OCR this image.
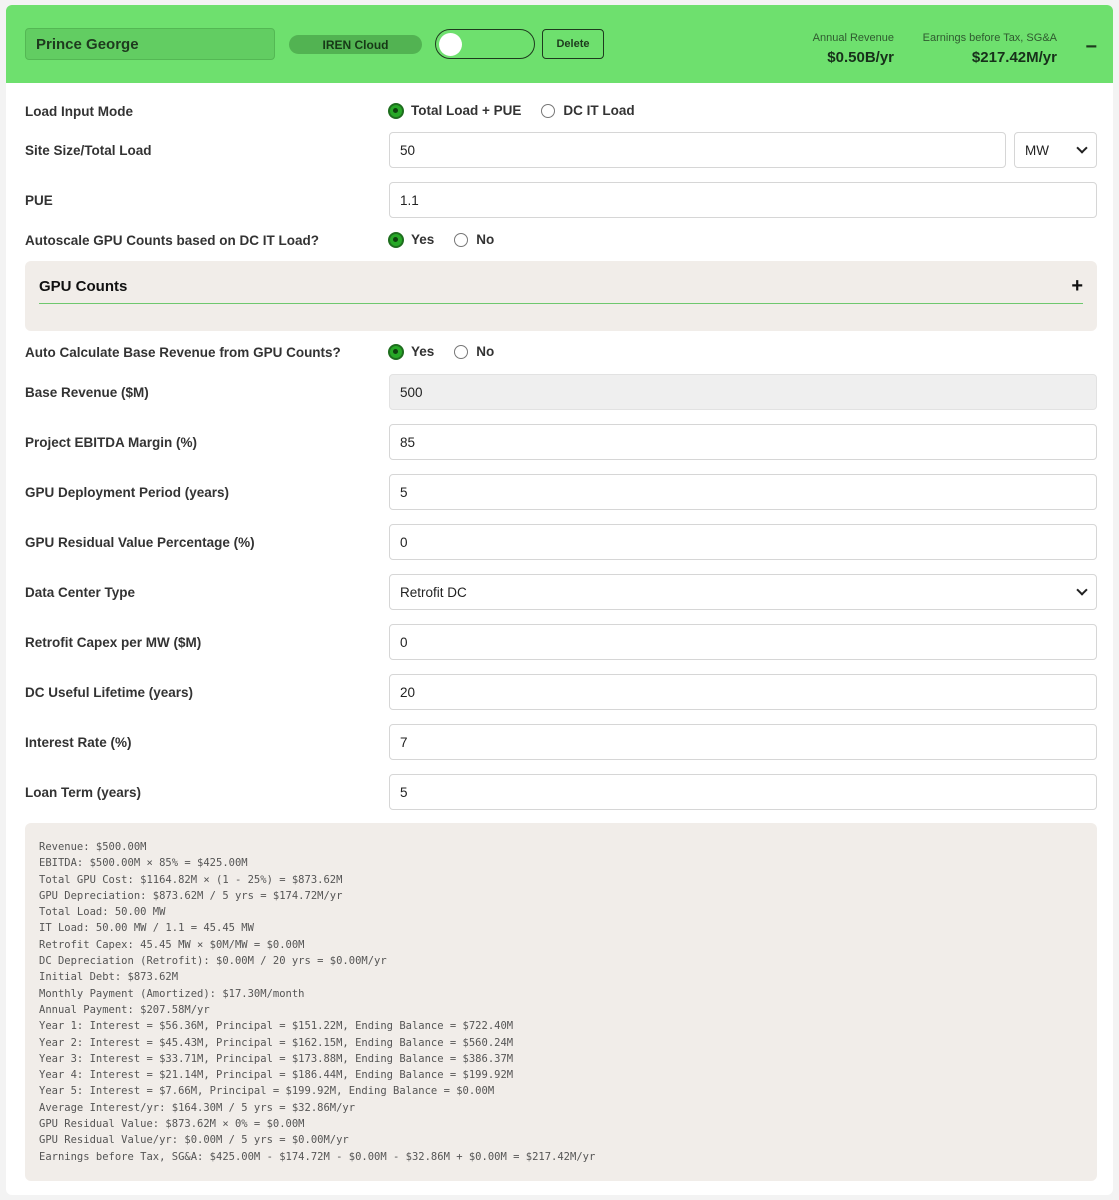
Prince George	IREN Cloud	Delete	Annual Revenue
$0.50B/yr
Earnings before Tax, SG&A
$217.42M/yr −
Load Input Mode	Total Load + PUE	DC IT Load
Site Size/Total Load	50	MW
PUE	1.1
Autoscale GPU Counts based on DC IT Load?	Yes	No
GPU Counts	+
Auto Calculate Base Revenue from GPU Counts?	Yes	No
Base Revenue ($M)	500
Project EBITDA Margin (%)	85
GPU Deployment Period (years)	5
GPU Residual Value Percentage (%)	0
Data Center Type	Retrofit DC
Retrofit Capex per MW ($M)	0
DC Useful Lifetime (years)	20
Interest Rate (%)	7
Loan Term (years)	5
Revenue: $500.00M
EBITDA: $500.00M × 85% = $425.00M
Total GPU Cost: $1164.82M × (1 - 25%) = $873.62M
GPU Depreciation: $873.62M / 5 yrs = $174.72M/yr
Total Load: 50.00 MW
IT Load: 50.00 MW / 1.1 = 45.45 MW
Retrofit Capex: 45.45 MW × $0M/MW = $0.00M
DC Depreciation (Retrofit): $0.00M / 20 yrs = $0.00M/yr
Initial Debt: $873.62M
Monthly Payment (Amortized): $17.30M/month
Annual Payment: $207.58M/yr
Year 1: Interest = $56.36M, Principal = $151.22M, Ending Balance = $722.40M
Year 2: Interest = $45.43M, Principal = $162.15M, Ending Balance = $560.24M
Year 3: Interest = $33.71M, Principal = $173.88M, Ending Balance = $386.37M
Year 4: Interest = $21.14M, Principal = $186.44M, Ending Balance = $199.92M
Year 5: Interest = $7.66M, Principal = $199.92M, Ending Balance = $0.00M
Average Interest/yr: $164.30M / 5 yrs = $32.86M/yr
GPU Residual Value: $873.62M × 0% = $0.00M
GPU Residual Value/yr: $0.00M / 5 yrs = $0.00M/yr
Earnings before Tax, SG&A: $425.00M - $174.72M - $0.00M - $32.86M + $0.00M = $217.42M/yr
